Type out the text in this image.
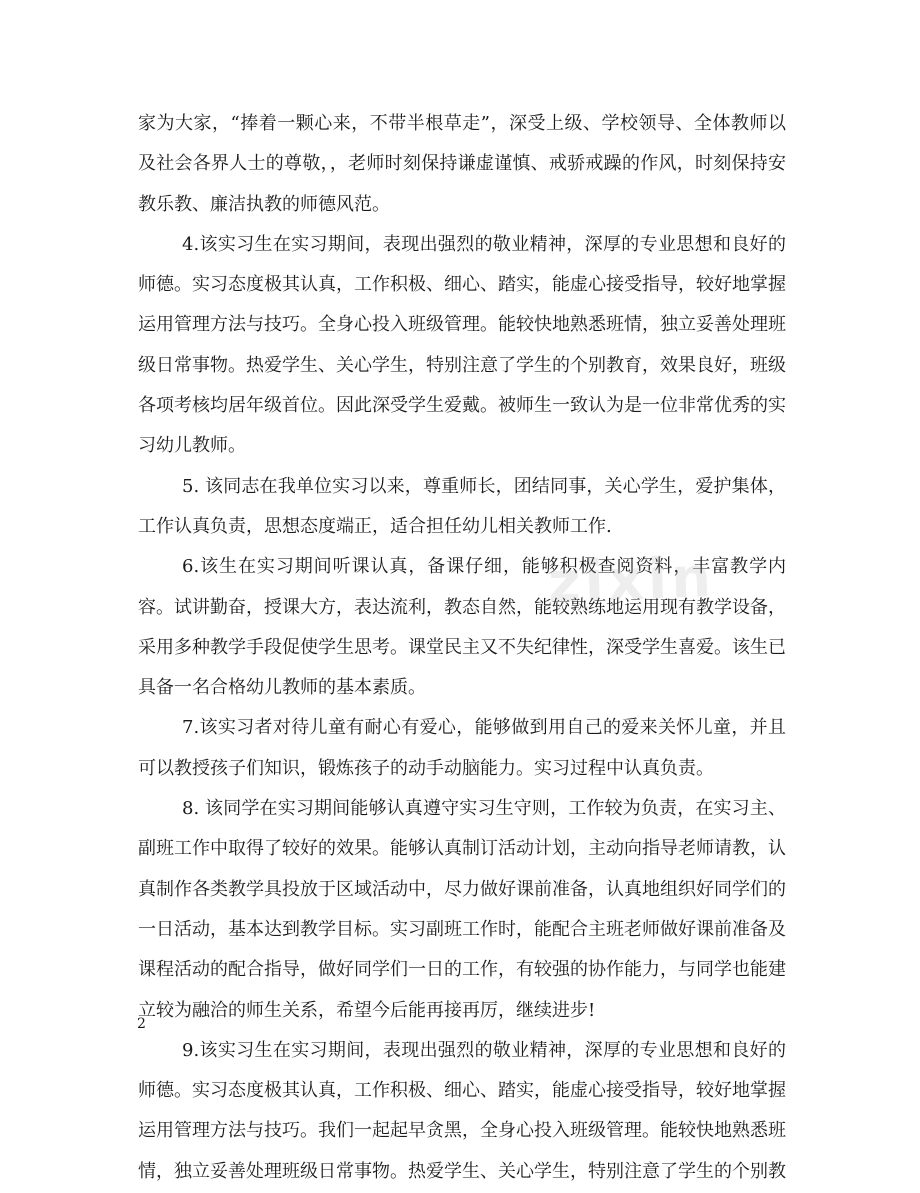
家为大家，“捧着一颗心来，不带半根草走”，深受上级、学校领导、全体教师以及社会各界人士的尊敬，，老师时刻保持谦虚谨慎、戒骄戒躁的作风，时刻保持安教乐教、廉洁执教的师德风范。

4.该实习生在实习期间，表现出强烈的敬业精神，深厚的专业思想和良好的师德。实习态度极其认真，工作积极、细心、踏实，能虚心接受指导，较好地掌握运用管理方法与技巧。全身心投入班级管理。能较快地熟悉班情，独立妥善处理班级日常事物。热爱学生、关心学生，特别注意了学生的个别教育，效果良好，班级各项考核均居年级首位。因此深受学生爱戴。被师生一致认为是一位非常优秀的实习幼儿教师。

5. 该同志在我单位实习以来，尊重师长，团结同事，关心学生，爱护集体，工作认真负责，思想态度端正，适合担任幼儿相关教师工作.

6.该生在实习期间听课认真，备课仔细，能够积极查阅资料，丰富教学内容。试讲勤奋，授课大方，表达流利，教态自然，能较熟练地运用现有教学设备，采用多种教学手段促使学生思考。课堂民主又不失纪律性，深受学生喜爱。该生已具备一名合格幼儿教师的基本素质。

7.该实习者对待儿童有耐心有爱心，能够做到用自己的爱来关怀儿童，并且可以教授孩子们知识，锻炼孩子的动手动脑能力。实习过程中认真负责。

8. 该同学在实习期间能够认真遵守实习生守则，工作较为负责，在实习主、副班工作中取得了较好的效果。能够认真制订活动计划，主动向指导老师请教，认真制作各类教学具投放于区域活动中，尽力做好课前准备，认真地组织好同学们的一日活动，基本达到教学目标。实习副班工作时，能配合主班老师做好课前准备及课程活动的配合指导，做好同学们一日的工作，有较强的协作能力，与同学也能建立较为融洽的师生关系，希望今后能再接再厉，继续进步!

9.该实习生在实习期间，表现出强烈的敬业精神，深厚的专业思想和良好的师德。实习态度极其认真，工作积极、细心、踏实，能虚心接受指导，较好地掌握运用管理方法与技巧。我们一起起早贪黑，全身心投入班级管理。能较快地熟悉班情，独立妥善处理班级日常事物。热爱学生、关心学生，特别注意了学生的个别教

zixin
2
